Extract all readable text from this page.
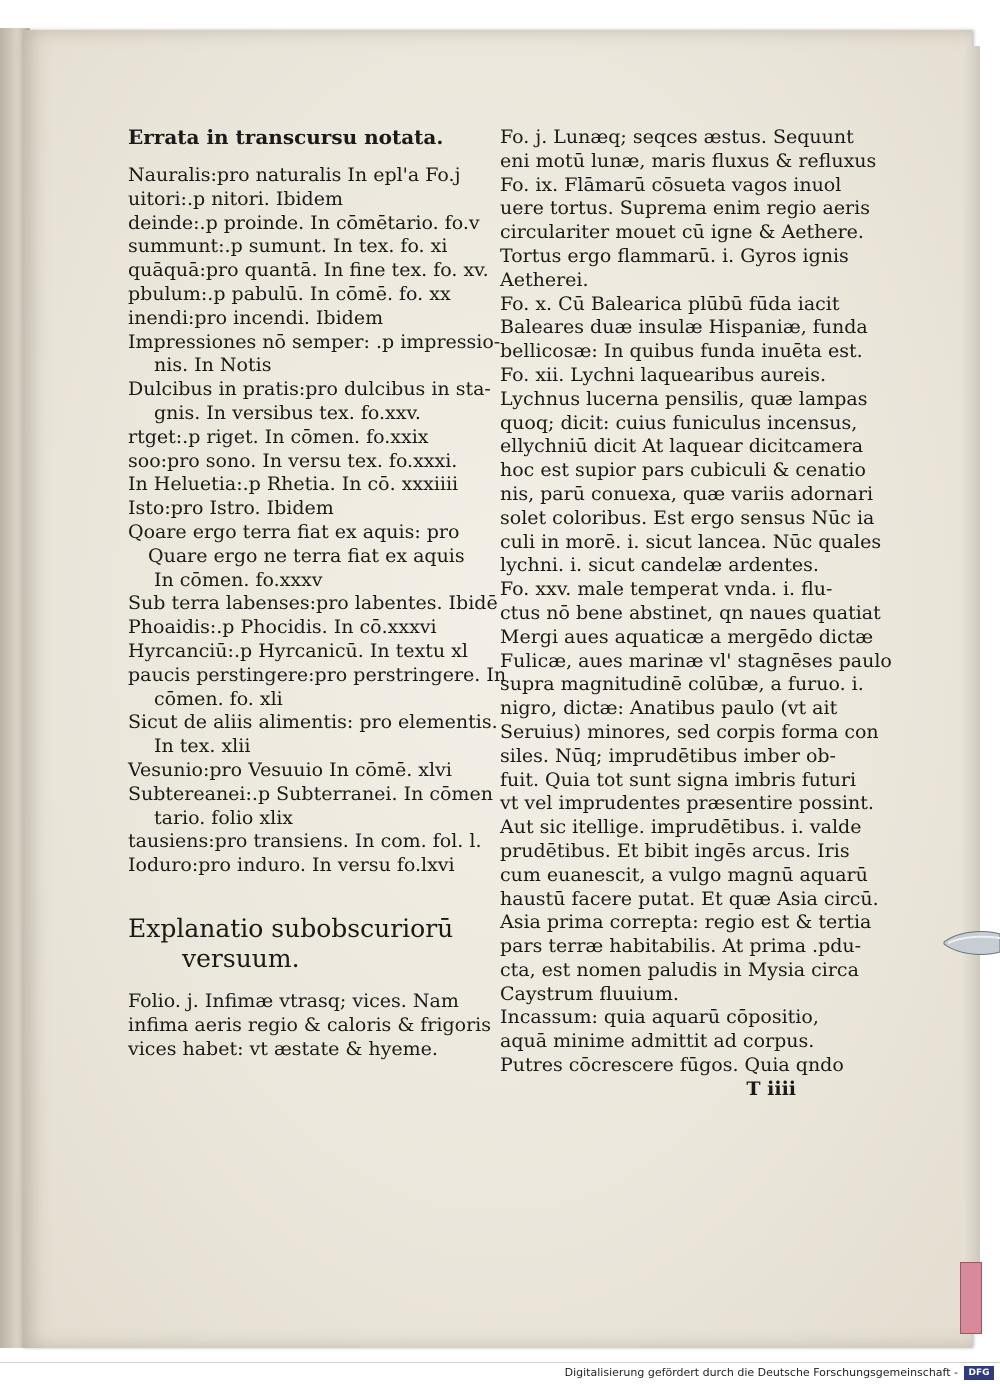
Errata in transcursu notata.
Nauralis:pro naturalis In epl'a Fo.j
uitori:.p nitori. Ibidem
deinde:.p proinde. In cōmētario. fo.v
summunt:.p sumunt. In tex. fo. xi
quāquā:pro quantā. In fine tex. fo. xv.
pbulum:.p pabulū. In cōmē. fo. xx
inendi:pro incendi. Ibidem
Impressiones nō semper: .p impressio-
nis. In Notis
Dulcibus in pratis:pro dulcibus in sta-
gnis. In versibus tex. fo.xxv.
rtget:.p riget. In cōmen. fo.xxix
soo:pro sono. In versu tex. fo.xxxi.
In Heluetia:.p Rhetia. In cō. xxxiiii
Isto:pro Istro. Ibidem
Qoare ergo terra fiat ex aquis: pro
Quare ergo ne terra fiat ex aquis
In cōmen. fo.xxxv
Sub terra labenses:pro labentes. Ibidē
Phoaidis:.p Phocidis. In cō.xxxvi
Hyrcanciū:.p Hyrcanicū. In textu xl
paucis perstingere:pro perstringere. In
cōmen. fo. xli
Sicut de aliis alimentis: pro elementis.
In tex. xlii
Vesunio:pro Vesuuio In cōmē. xlvi
Subtereanei:.p Subterranei. In cōmen
tario. folio xlix
tausiens:pro transiens. In com. fol. l.
Ioduro:pro induro. In versu fo.lxvi
Explanatio subobscuriorū
versuum.
Folio. j. Infimæ vtrasq; vices. Nam
infima aeris regio & caloris & frigoris
vices habet: vt æstate & hyeme.
Fo. j. Lunæq; seqces æstus. Sequunt
eni motū lunæ, maris fluxus & refluxus
Fo. ix. Flāmarū cōsueta vagos inuol
uere tortus. Suprema enim regio aeris
circulariter mouet cū igne & Aethere.
Tortus ergo flammarū. i. Gyros ignis
Aetherei.
Fo. x. Cū Balearica plūbū fūda iacit
Baleares duæ insulæ Hispaniæ, funda
bellicosæ: In quibus funda inuēta est.
Fo. xii. Lychni laquearibus aureis.
Lychnus lucerna pensilis, quæ lampas
quoq; dicit: cuius funiculus incensus,
ellychniū dicit At laquear dicitcamera
hoc est supior pars cubiculi & cenatio
nis, parū conuexa, quæ variis adornari
solet coloribus. Est ergo sensus Nūc ia
culi in morē. i. sicut lancea. Nūc quales
lychni. i. sicut candelæ ardentes.
Fo. xxv. male temperat vnda. i. flu-
ctus nō bene abstinet, qn naues quatiat
Mergi aues aquaticæ a mergēdo dictæ
Fulicæ, aues marinæ vl' stagnēses paulo
supra magnitudinē colūbæ, a furuo. i.
nigro, dictæ: Anatibus paulo (vt ait
Seruius) minores, sed corpis forma con
siles. Nūq; imprudētibus imber ob-
fuit. Quia tot sunt signa imbris futuri
vt vel imprudentes præsentire possint.
Aut sic itellige. imprudētibus. i. valde
prudētibus. Et bibit ingēs arcus. Iris
cum euanescit, a vulgo magnū aquarū
haustū facere putat. Et quæ Asia circū.
Asia prima correpta: regio est & tertia
pars terræ habitabilis. At prima .pdu-
cta, est nomen paludis in Mysia circa
Caystrum fluuium.
Incassum: quia aquarū cōpositio,
aquā minime admittit ad corpus.
Putres cōcrescere fūgos. Quia qndo
T iiii
Digitalisierung gefördert durch die Deutsche Forschungsgemeinschaft -	DFG
